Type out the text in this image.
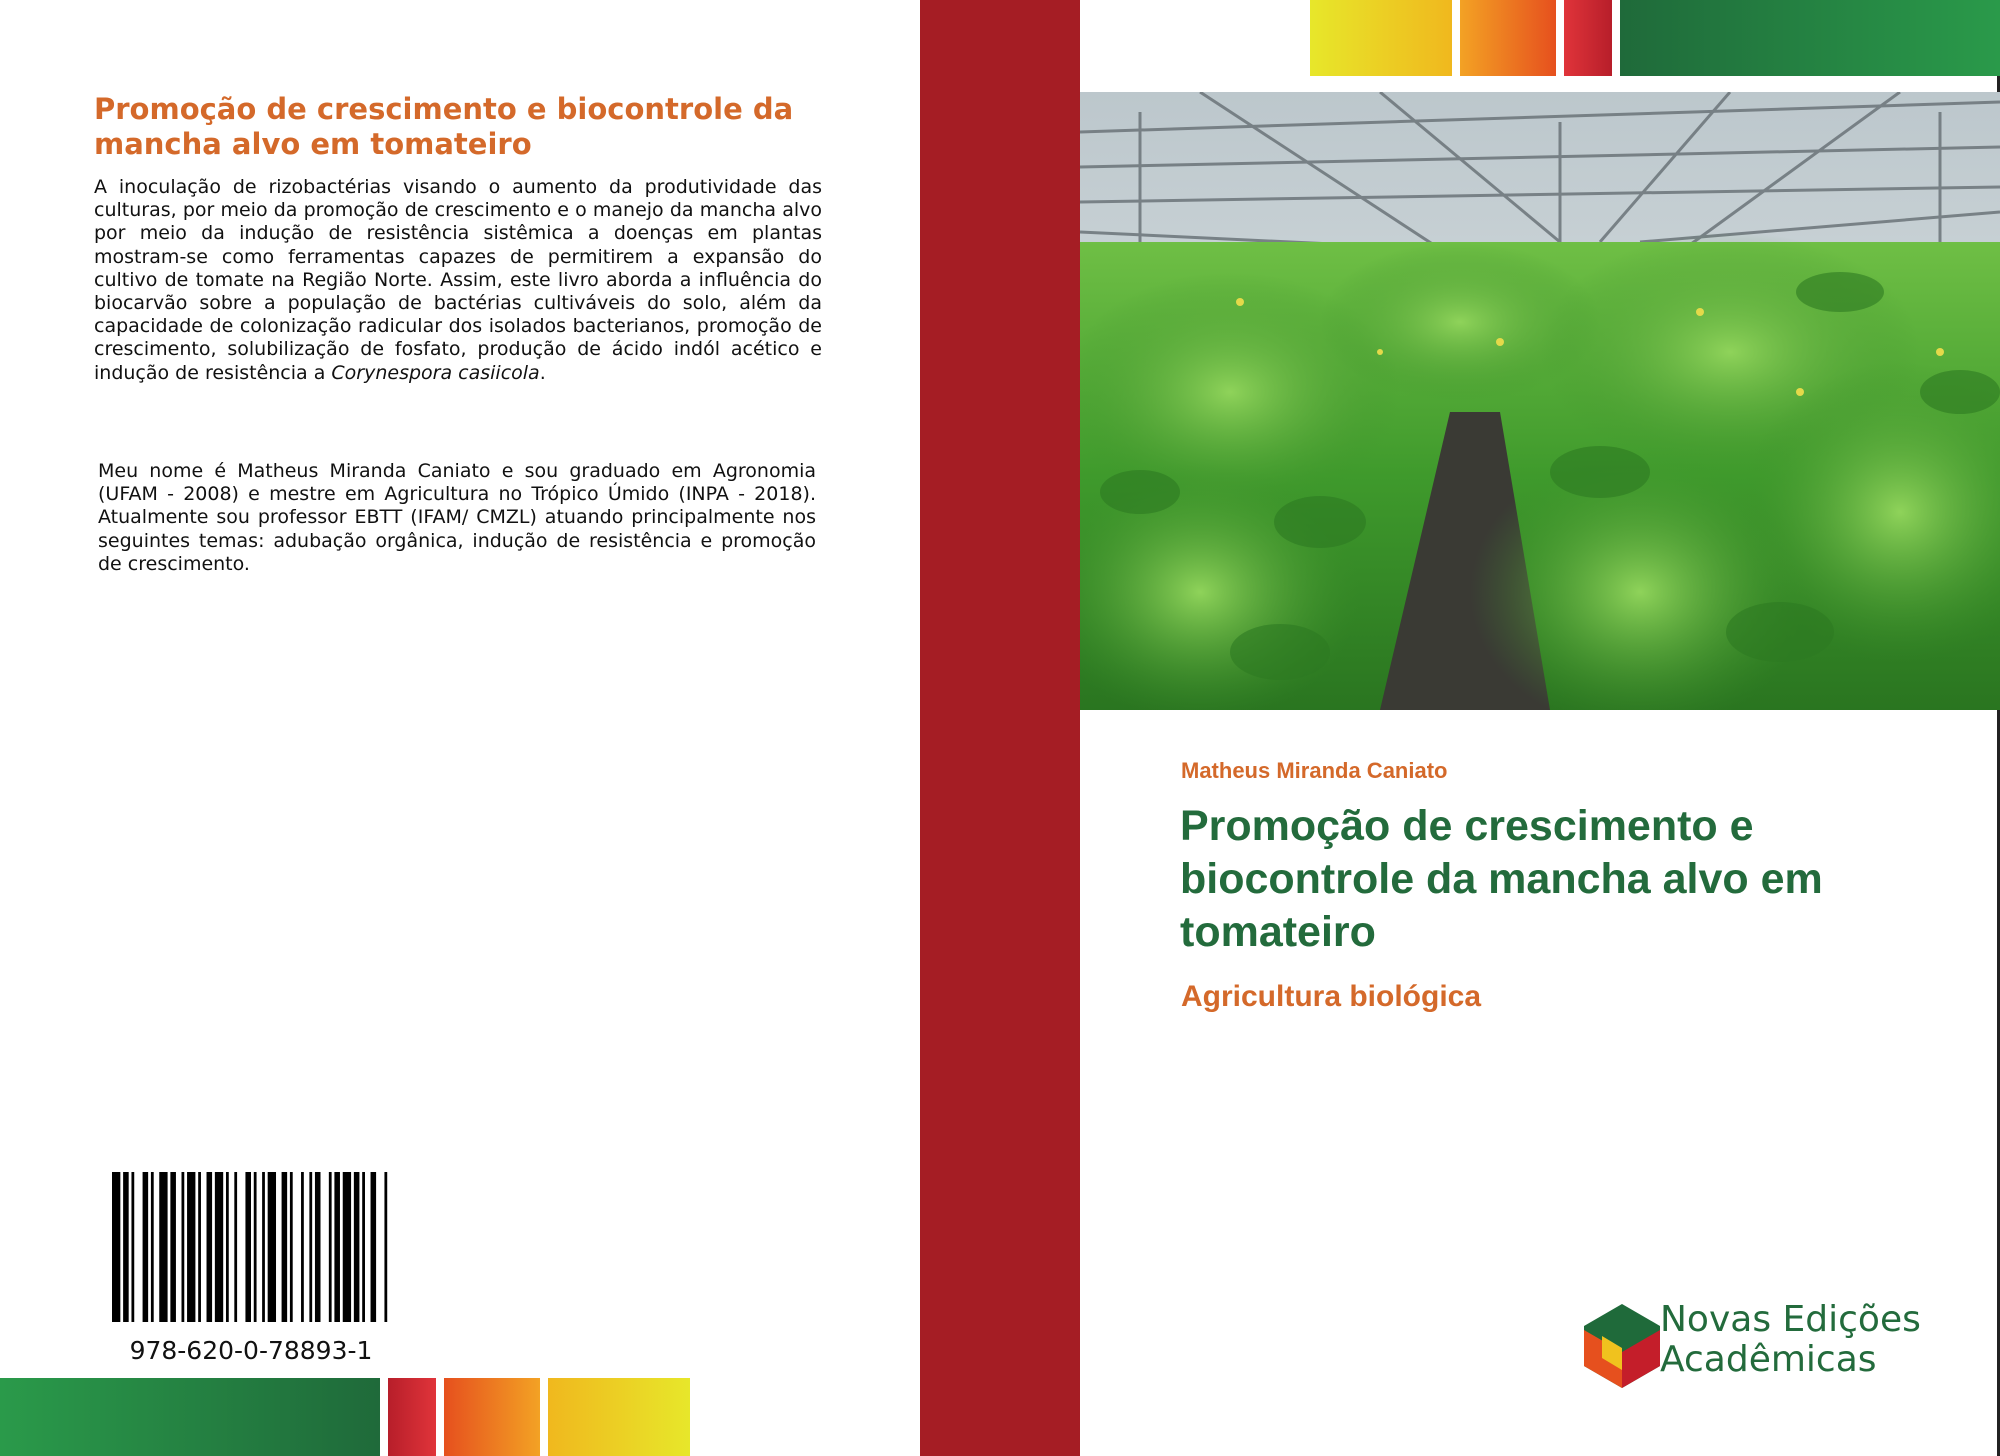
Promoção de crescimento e biocontrole da mancha alvo em tomateiro

A inoculação de rizobactérias visando o aumento da produtividade das culturas, por meio da promoção de crescimento e o manejo da mancha alvo por meio da indução de resistência sistêmica a doenças em plantas mostram-se como ferramentas capazes de permitirem a expansão do cultivo de tomate na Região Norte. Assim, este livro aborda a influência do biocarvão sobre a população de bactérias cultiváveis do solo, além da capacidade de colonização radicular dos isolados bacterianos, promoção de crescimento, solubilização de fosfato, produção de ácido indól acético e indução de resistência a Corynespora casiicola.

Meu nome é Matheus Miranda Caniato e sou graduado em Agronomia (UFAM - 2008) e mestre em Agricultura no Trópico Úmido (INPA - 2018). Atualmente sou professor EBTT (IFAM/ CMZL) atuando principalmente nos seguintes temas: adubação orgânica, indução de resistência e promoção de crescimento.

978-620-0-78893-1

Matheus Miranda Caniato

Promoção de crescimento e biocontrole da mancha alvo em tomateiro

Agricultura biológica

Novas Edições
Acadêmicas
